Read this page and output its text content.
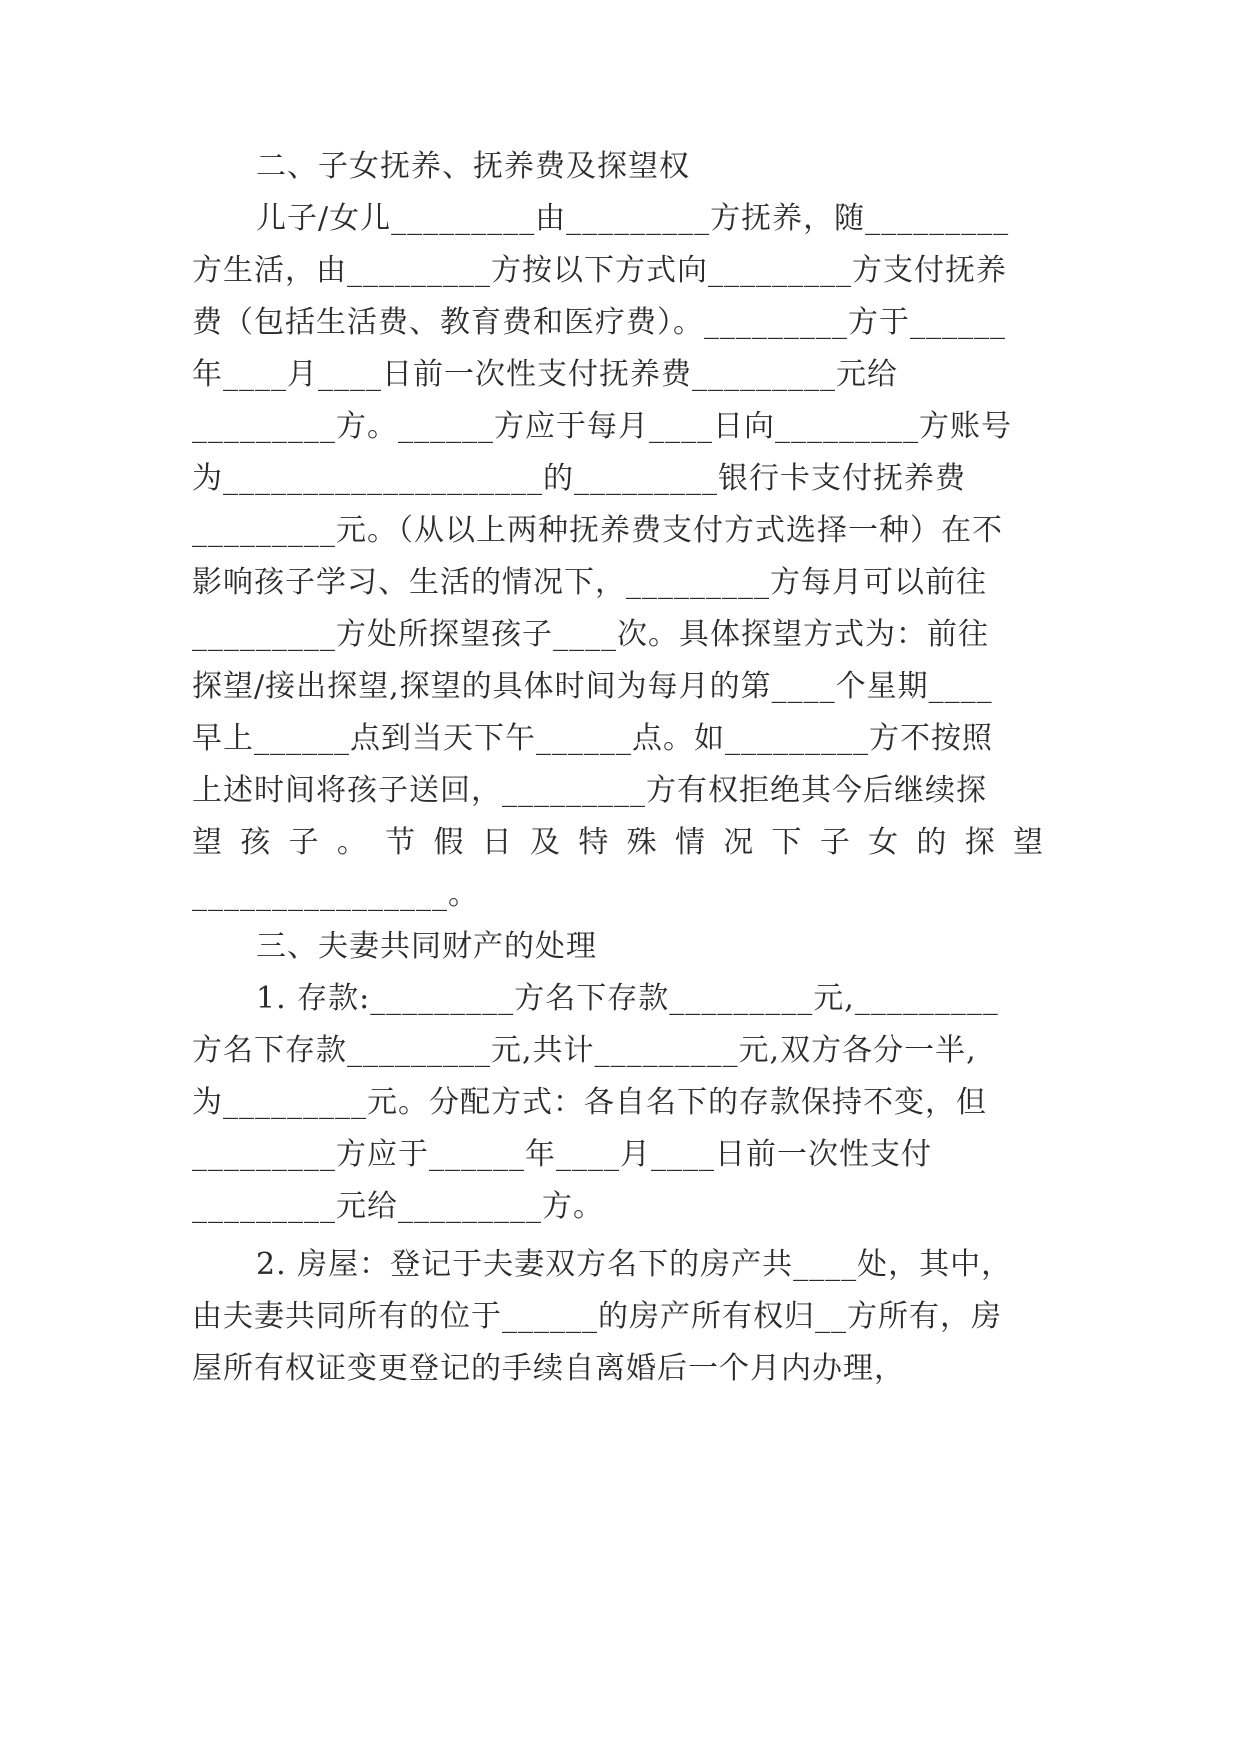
二、子女抚养、抚养费及探望权
儿子/女儿_________由_________方抚养，随_________
方生活，由_________方按以下方式向_________方支付抚养
费（包括生活费、教育费和医疗费）。_________方于______
年____月____日前一次性支付抚养费_________元给
_________方。______方应于每月____日向_________方账号
为____________________的_________银行卡支付抚养费
_________元。（从以上两种抚养费支付方式选择一种）在不
影响孩子学习、生活的情况下，_________方每月可以前往
_________方处所探望孩子____次。具体探望方式为：前往
探望/接出探望,探望的具体时间为每月的第____个星期____
早上______点到当天下午______点。如_________方不按照
上述时间将孩子送回，_________方有权拒绝其今后继续探
望孩子。节假日及特殊情况下子女的探望
________________。
三、夫妻共同财产的处理
1. 存款:_________方名下存款_________元,_________
方名下存款_________元,共计_________元,双方各分一半,
为_________元。分配方式：各自名下的存款保持不变，但
_________方应于______年____月____日前一次性支付
_________元给_________方。
2. 房屋：登记于夫妻双方名下的房产共____处，其中，
由夫妻共同所有的位于______的房产所有权归__方所有，房
屋所有权证变更登记的手续自离婚后一个月内办理，
